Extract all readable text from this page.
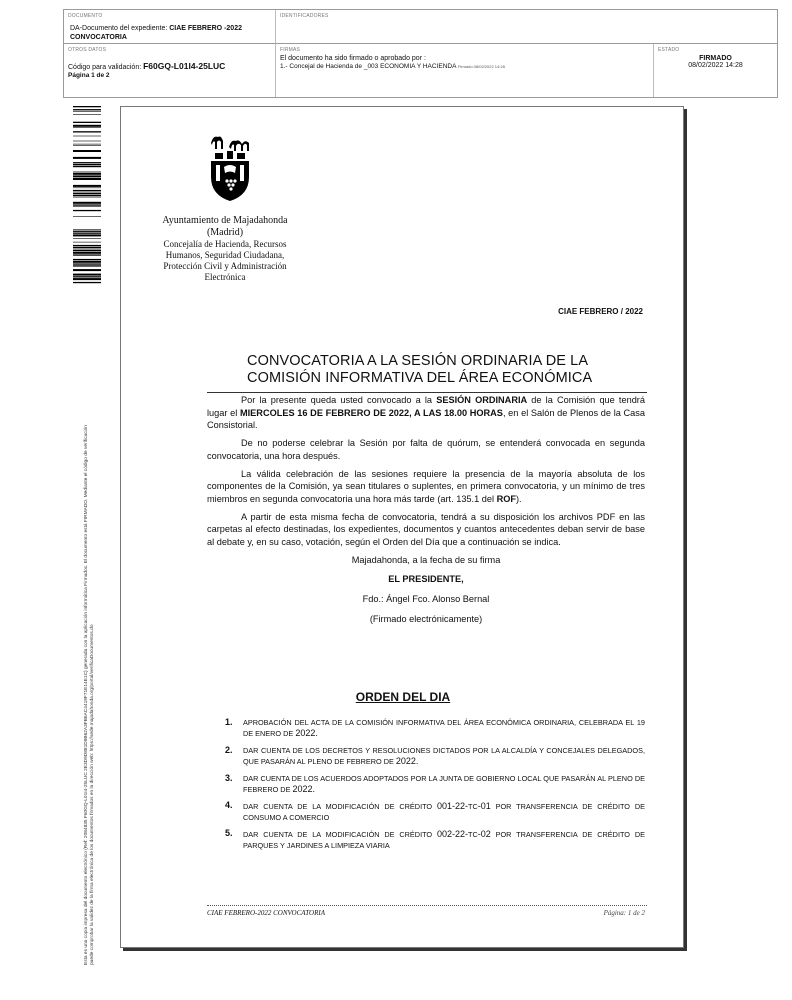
DOCUMENTO
DA-Documento del expediente: CIAE FEBRERO -2022 CONVOCATORIA
IDENTIFICADORES
OTROS DATOS
Código para validación: F60GQ-L01I4-25LUC
Página 1 de 2
FIRMAS
El documento ha sido firmado o aprobado por :
1.- Concejal de Hacienda de _003 ECONOMIA Y HACIENDA Firmado 08/02/2022 14:28
ESTADO
FIRMADO
08/02/2022 14:28
Esta es una copia impresa del documento electrónico (Ref: 2084835 F60GQ-L01I4-25LUC 2E3D9D881D9B62A3FB6AC4419F71E14E1C) generada con la aplicación informática Firmadoc. El documento está FIRMADO. Mediante el código de verificación puede comprobar la validez de la firma electrónica de los documentos firmados en la dirección web: https://sede.majadahonda.org/portal/verificaDocumentos.do
Ayuntamiento de Majadahonda
(Madrid)
Concejalía de Hacienda, Recursos Humanos, Seguridad Ciudadana, Protección Civil y Administración Electrónica
CIAE FEBRERO / 2022
CONVOCATORIA A LA SESIÓN ORDINARIA DE LA COMISIÓN INFORMATIVA DEL ÁREA ECONÓMICA

Por la presente queda usted convocado a la SESIÓN ORDINARIA de la Comisión que tendrá lugar el MIERCOLES 16 DE FEBRERO DE 2022, A LAS 18.00 HORAS, en el Salón de Plenos de la Casa Consistorial.

De no poderse celebrar la Sesión por falta de quórum, se entenderá convocada en segunda convocatoria, una hora después.

La válida celebración de las sesiones requiere la presencia de la mayoría absoluta de los componentes de la Comisión, ya sean titulares o suplentes, en primera convocatoria, y un mínimo de tres miembros en segunda convocatoria una hora más tarde (art. 135.1 del ROF).

A partir de esta misma fecha de convocatoria, tendrá a su disposición los archivos PDF en las carpetas al efecto destinadas, los expedientes, documentos y cuantos antecedentes deban servir de base al debate y, en su caso, votación, según el Orden del Día que a continuación se indica.

Majadahonda, a la fecha de su firma
EL PRESIDENTE,
Fdo.: Ángel Fco. Alonso Bernal
(Firmado electrónicamente)
ORDEN DEL DIA
1. APROBACIÓN DEL ACTA DE LA COMISIÓN INFORMATIVA DEL ÁREA ECONÓMICA ORDINARIA, CELEBRADA EL 19 DE ENERO DE 2022.
2. DAR CUENTA DE LOS DECRETOS Y RESOLUCIONES DICTADOS POR LA ALCALDÍA Y CONCEJALES DELEGADOS, QUE PASARÁN AL PLENO DE FEBRERO DE 2022.
3. DAR CUENTA DE LOS ACUERDOS ADOPTADOS POR LA JUNTA DE GOBIERNO LOCAL QUE PASARÁN AL PLENO DE FEBRERO DE 2022.
4. DAR CUENTA DE LA MODIFICACIÓN DE CRÉDITO 001-22-TC-01 POR TRANSFERENCIA DE CRÉDITO DE CONSUMO A COMERCIO
5. DAR CUENTA DE LA MODIFICACIÓN DE CRÉDITO 002-22-TC-02 POR TRANSFERENCIA DE CRÉDITO DE PARQUES Y JARDINES A LIMPIEZA VIARIA
CIAE FEBRERO-2022 CONVOCATORIA	Página: 1 de 2
